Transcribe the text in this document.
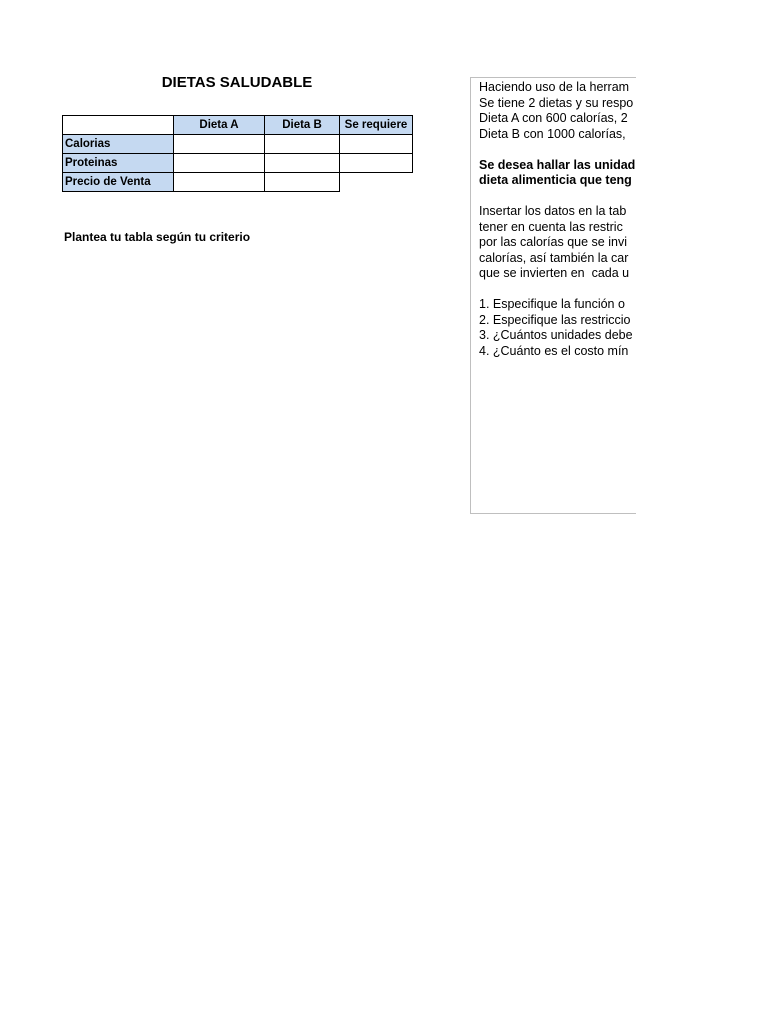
DIETAS SALUDABLE
	Dieta A	Dieta B	Se requiere
Calorias			
Proteinas			
Precio de Venta			
Plantea tu tabla según tu criterio
Haciendo uso de la herram
Se tiene 2 dietas y su respo
Dieta A con 600 calorías, 2
Dieta B con 1000 calorías,
Se desea hallar las unidad
dieta alimenticia que teng
Insertar los datos en la tab
tener en cuenta las restric
por las calorías que se invi
calorías, así también la car
que se invierten en  cada u
1. Especifique la función o
2. Especifique las restriccio
3. ¿Cuántos unidades debe
4. ¿Cuánto es el costo mín
